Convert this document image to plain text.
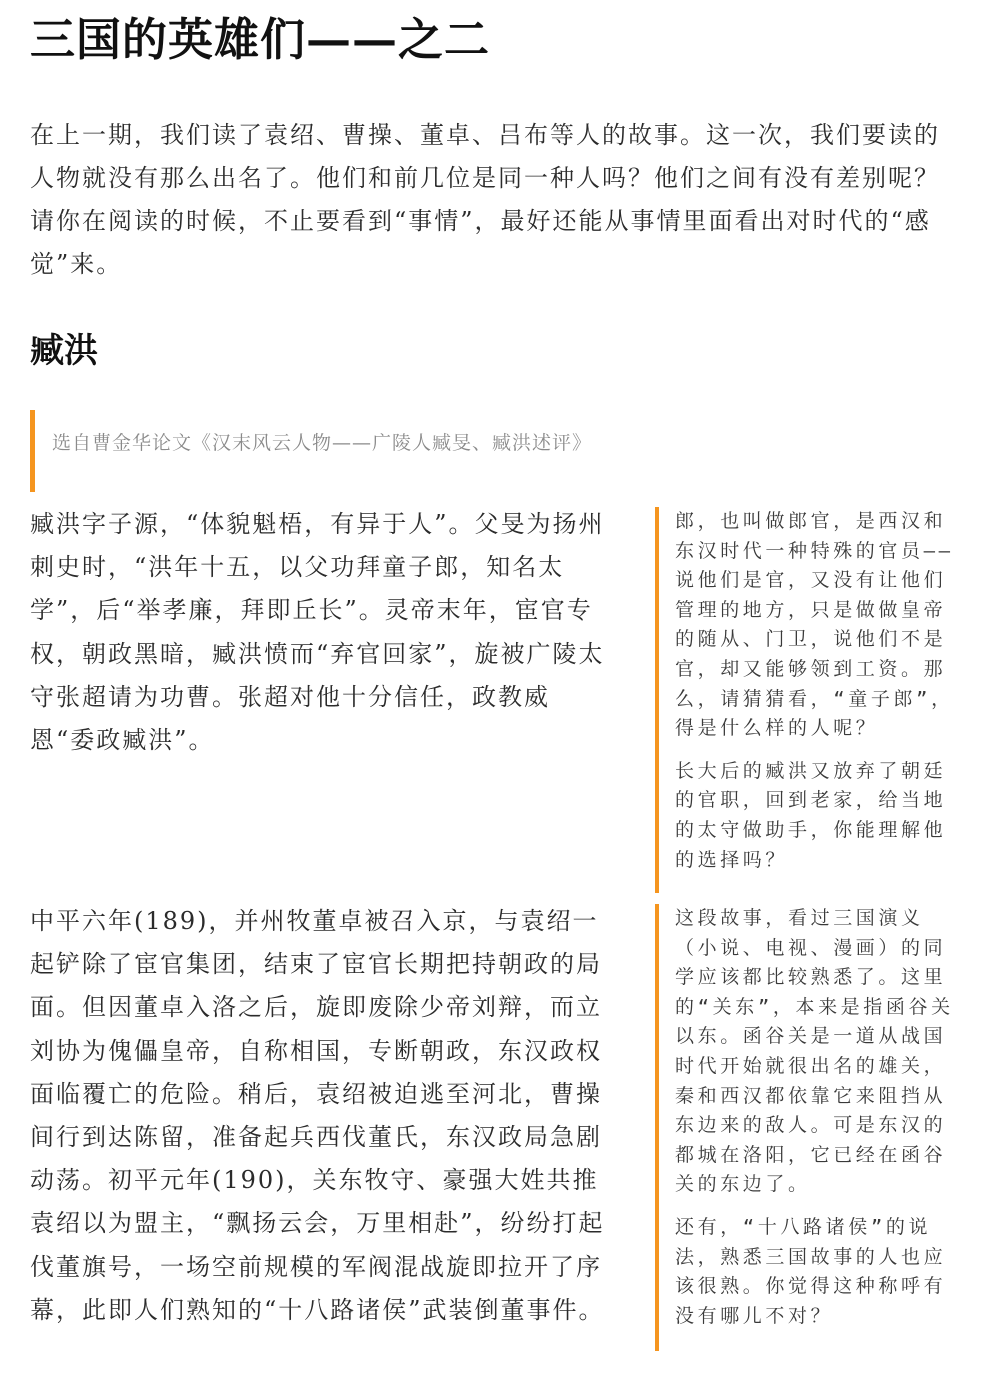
三国的英雄们——之二

在上一期，我们读了袁绍、曹操、董卓、吕布等人的故事。这一次，我们要读的人物就没有那么出名了。他们和前几位是同一种人吗？他们之间有没有差别呢？请你在阅读的时候，不止要看到“事情”，最好还能从事情里面看出对时代的“感觉”来。

臧洪
选自曹金华论文《汉末风云人物——广陵人臧旻、臧洪述评》

臧洪字子源，“体貌魁梧，有异于人”。父旻为扬州刺史时，“洪年十五，以父功拜童子郎，知名太学”，后“举孝廉，拜即丘长”。灵帝末年，宦官专权，朝政黑暗，臧洪愤而“弃官回家”，旋被广陵太守张超请为功曹。张超对他十分信任，政教威恩“委政臧洪”。

郎，也叫做郎官，是西汉和东汉时代一种特殊的官员——说他们是官，又没有让他们管理的地方，只是做做皇帝的随从、门卫，说他们不是官，却又能够领到工资。那么，请猜猜看，“童子郎”，得是什么样的人呢？

长大后的臧洪又放弃了朝廷的官职，回到老家，给当地的太守做助手，你能理解他的选择吗？

中平六年(189)，并州牧董卓被召入京，与袁绍一起铲除了宦官集团，结束了宦官长期把持朝政的局面。但因董卓入洛之后，旋即废除少帝刘辩，而立刘协为傀儡皇帝，自称相国，专断朝政，东汉政权面临覆亡的危险。稍后，袁绍被迫逃至河北，曹操间行到达陈留，准备起兵西伐董氏，东汉政局急剧动荡。初平元年(190)，关东牧守、豪强大姓共推袁绍以为盟主，“飘扬云会，万里相赴”，纷纷打起伐董旗号，一场空前规模的军阀混战旋即拉开了序幕，此即人们熟知的“十八路诸侯”武装倒董事件。

这段故事，看过三国演义（小说、电视、漫画）的同学应该都比较熟悉了。这里的“关东”，本来是指函谷关以东。函谷关是一道从战国时代开始就很出名的雄关，秦和西汉都依靠它来阻挡从东边来的敌人。可是东汉的都城在洛阳，它已经在函谷关的东边了。

还有，“十八路诸侯”的说法，熟悉三国故事的人也应该很熟。你觉得这种称呼有没有哪儿不对？
